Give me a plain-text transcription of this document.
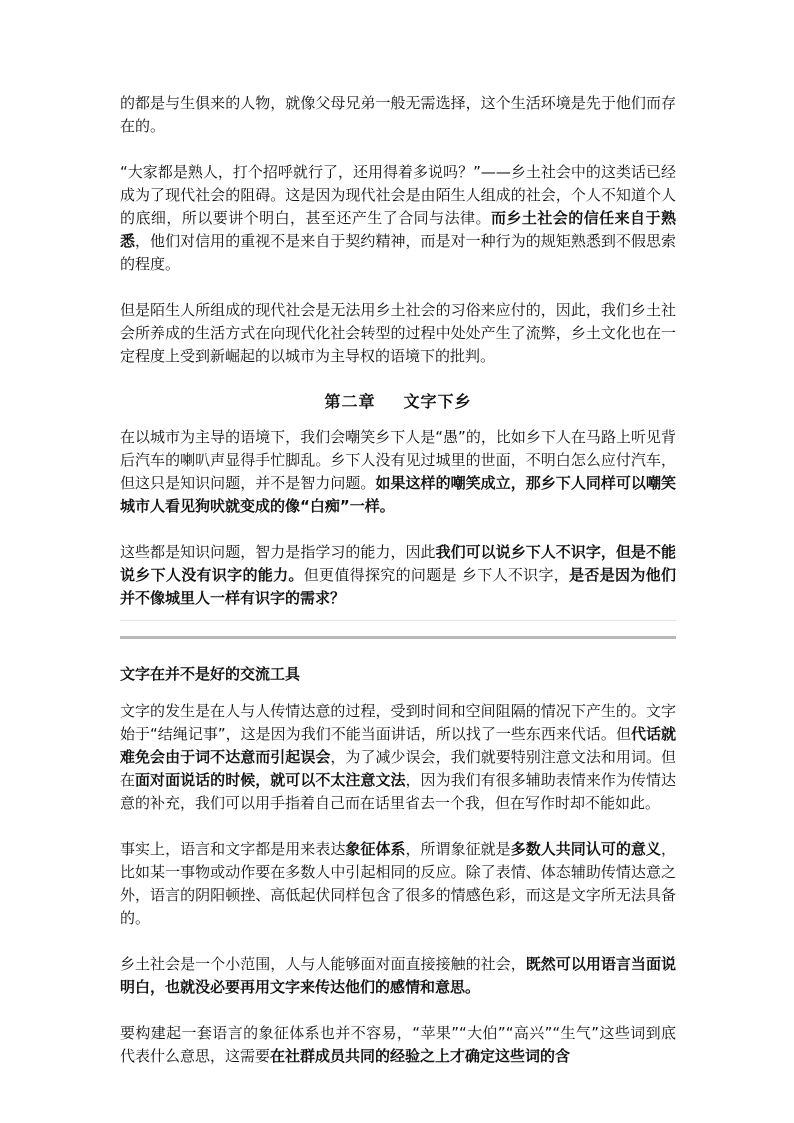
的都是与生俱来的人物，就像父母兄弟一般无需选择，这个生活环境是先于他们而存在的。

“大家都是熟人，打个招呼就行了，还用得着多说吗？”——乡土社会中的这类话已经成为了现代社会的阻碍。这是因为现代社会是由陌生人组成的社会，个人不知道个人的底细，所以要讲个明白，甚至还产生了合同与法律。而乡土社会的信任来自于熟悉，他们对信用的重视不是来自于契约精神，而是对一种行为的规矩熟悉到不假思索的程度。

但是陌生人所组成的现代社会是无法用乡土社会的习俗来应付的，因此，我们乡土社会所养成的生活方式在向现代化社会转型的过程中处处产生了流弊，乡土文化也在一定程度上受到新崛起的以城市为主导权的语境下的批判。

第二章 文字下乡

在以城市为主导的语境下，我们会嘲笑乡下人是“愚”的，比如乡下人在马路上听见背后汽车的喇叭声显得手忙脚乱。乡下人没有见过城里的世面，不明白怎么应付汽车，但这只是知识问题，并不是智力问题。如果这样的嘲笑成立，那乡下人同样可以嘲笑城市人看见狗吠就变成的像“白痴”一样。

这些都是知识问题，智力是指学习的能力，因此我们可以说乡下人不识字，但是不能说乡下人没有识字的能力。但更值得探究的问题是 乡下人不识字，是否是因为他们并不像城里人一样有识字的需求？

文字在并不是好的交流工具

文字的发生是在人与人传情达意的过程，受到时间和空间阻隔的情况下产生的。文字始于“结绳记事”，这是因为我们不能当面讲话，所以找了一些东西来代话。但代话就难免会由于词不达意而引起误会，为了减少误会，我们就要特别注意文法和用词。但在面对面说话的时候，就可以不太注意文法，因为我们有很多辅助表情来作为传情达意的补充，我们可以用手指着自己而在话里省去一个我，但在写作时却不能如此。

事实上，语言和文字都是用来表达象征体系，所谓象征就是多数人共同认可的意义，比如某一事物或动作要在多数人中引起相同的反应。除了表情、体态辅助传情达意之外，语言的阴阳顿挫、高低起伏同样包含了很多的情感色彩，而这是文字所无法具备的。

乡土社会是一个小范围，人与人能够面对面直接接触的社会，既然可以用语言当面说明白，也就没必要再用文字来传达他们的感情和意思。

要构建起一套语言的象征体系也并不容易，“苹果”“大伯”“高兴”“生气”这些词到底代表什么意思，这需要在社群成员共同的经验之上才确定这些词的含
